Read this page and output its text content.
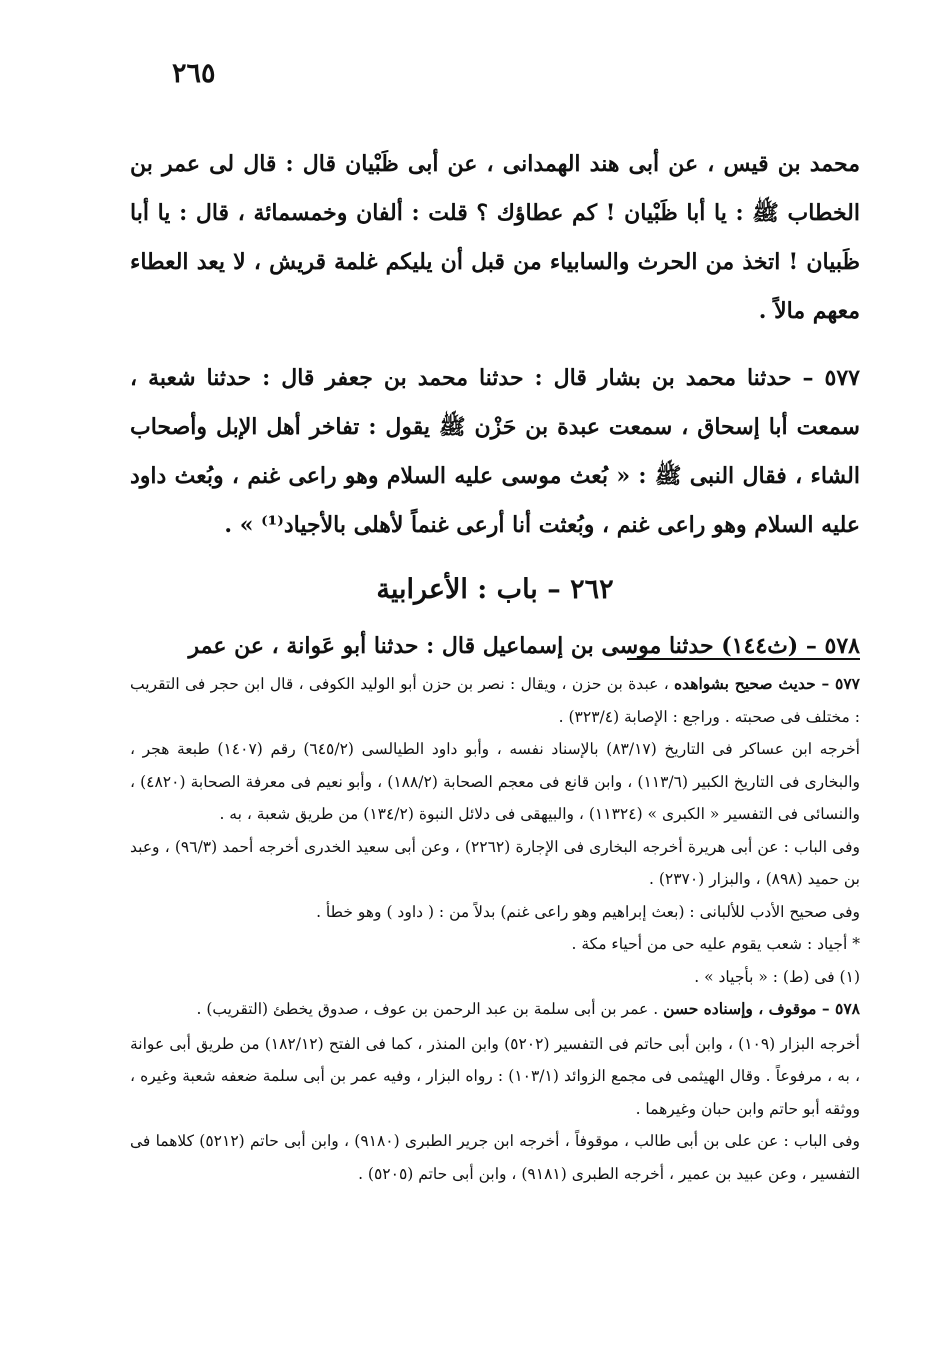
٢٦٥

محمد بن قيس ، عن أبى هند الهمدانى ، عن أبى ظَبْيان قال : قال لى عمر بن الخطاب ﷺ : يا أبا ظَبْيان ! كم عطاؤك ؟ قلت : ألفان وخمسمائة ، قال : يا أبا ظَبيان ! اتخذ من الحرث والسابياء من قبل أن يليكم غلمة قريش ، لا يعد العطاء معهم مالاً .

٥٧٧ – حدثنا محمد بن بشار قال : حدثنا محمد بن جعفر قال : حدثنا شعبة ، سمعت أبا إسحاق ، سمعت عبدة بن حَزْن ﷺ يقول : تفاخر أهل الإبل وأصحاب الشاء ، فقال النبى ﷺ : « بُعث موسى عليه السلام وهو راعى غنم ، وبُعث داود عليه السلام وهو راعى غنم ، وبُعثت أنا أرعى غنماً لأهلى بالأجياد⁽¹⁾ » .

٢٦٢ – باب : الأعرابية

٥٧٨ – (ث١٤٤) حدثنا موسى بن إسماعيل قال : حدثنا أبو عَوانة ، عن عمر

٥٧٧ – حديث صحيح بشواهده ، عبدة بن حزن ، ويقال : نصر بن حزن أبو الوليد الكوفى ، قال ابن حجر فى التقريب : مختلف فى صحبته . وراجع : الإصابة (٣٢٣/٤) .

أخرجه ابن عساكر فى التاريخ (٨٣/١٧) بالإسناد نفسه ، وأبو داود الطيالسى (٦٤٥/٢) رقم (١٤٠٧) طبعة هجر ، والبخارى فى التاريخ الكبير (١١٣/٦) ، وابن قانع فى معجم الصحابة (١٨٨/٢) ، وأبو نعيم فى معرفة الصحابة (٤٨٢٠) ، والنسائى فى التفسير « الكبرى » (١١٣٢٤) ، والبيهقى فى دلائل النبوة (١٣٤/٢) من طريق شعبة ، به .

وفى الباب : عن أبى هريرة أخرجه البخارى فى الإجارة (٢٢٦٢) ، وعن أبى سعيد الخدرى أخرجه أحمد (٩٦/٣) ، وعبد بن حميد (٨٩٨) ، والبزار (٢٣٧٠) .

وفى صحيح الأدب للألبانى : (بعث إبراهيم وهو راعى غنم) بدلاً من : ( داود ) وهو خطأ .

* أجياد : شعب يقوم عليه حى من أحياء مكة .

(١) فى (ط) : « بأجياد » .

٥٧٨ – موقوف ، وإسناده حسن . عمر بن أبى سلمة بن عبد الرحمن بن عوف ، صدوق يخطئ (التقريب) .

أخرجه البزار (١٠٩) ، وابن أبى حاتم فى التفسير (٥٢٠٢) وابن المنذر ، كما فى الفتح (١٨٢/١٢) من طريق أبى عوانة ، به ، مرفوعاً . وقال الهيثمى فى مجمع الزوائد (١٠٣/١) : رواه البزار ، وفيه عمر بن أبى سلمة ضعفه شعبة وغيره ، ووثقه أبو حاتم وابن حبان وغيرهما .

وفى الباب : عن على بن أبى طالب ، موقوفاً ، أخرجه ابن جرير الطبرى (٩١٨٠) ، وابن أبى حاتم (٥٢١٢) كلاهما فى التفسير ، وعن عبيد بن عمير ، أخرجه الطبرى (٩١٨١) ، وابن أبى حاتم (٥٢٠٥) .
